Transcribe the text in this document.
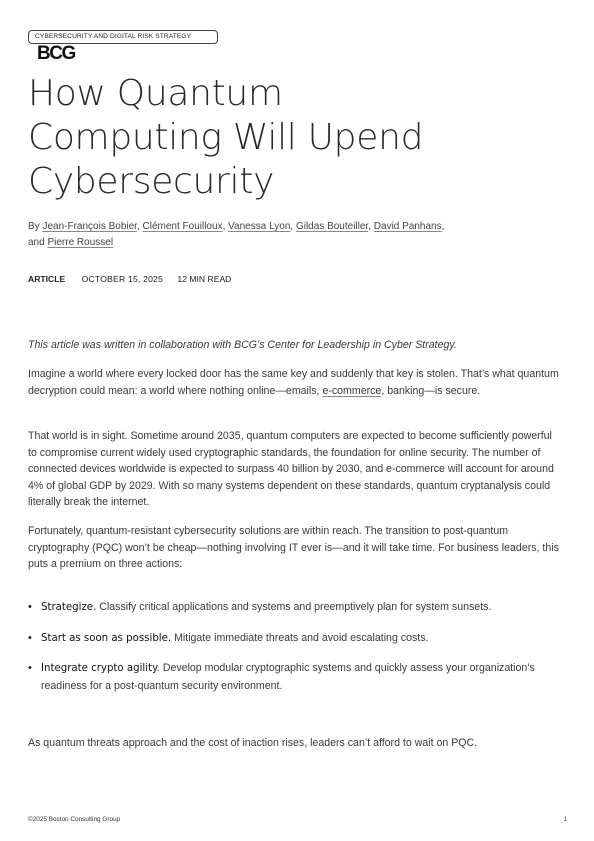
CYBERSECURITY AND DIGITAL RISK STRATEGY
BCG
How Quantum
Computing Will Upend
Cybersecurity
By Jean-François Bobier, Clément Fouilloux, Vanessa Lyon, Gildas Bouteiller, David Panhans, and Pierre Roussel
ARTICLE OCTOBER 15, 2025 12 MIN READ

This article was written in collaboration with BCG’s Center for Leadership in Cyber Strategy.

Imagine a world where every locked door has the same key and suddenly that key is stolen. That’s what quantum decryption could mean: a world where nothing online—emails, e-commerce, banking—is secure.

That world is in sight. Sometime around 2035, quantum computers are expected to become sufficiently powerful to compromise current widely used cryptographic standards, the foundation for online security. The number of connected devices worldwide is expected to surpass 40 billion by 2030, and e-commerce will account for around 4% of global GDP by 2029. With so many systems dependent on these standards, quantum cryptanalysis could literally break the internet.

Fortunately, quantum-resistant cybersecurity solutions are within reach. The transition to post-quantum cryptography (PQC) won’t be cheap—nothing involving IT ever is—and it will take time. For business leaders, this puts a premium on three actions:

• Strategize. Classify critical applications and systems and preemptively plan for system sunsets.
• Start as soon as possible. Mitigate immediate threats and avoid escalating costs.
• Integrate crypto agility. Develop modular cryptographic systems and quickly assess your organization’s readiness for a post-quantum security environment.

As quantum threats approach and the cost of inaction rises, leaders can’t afford to wait on PQC.

©2025 Boston Consulting Group	1
